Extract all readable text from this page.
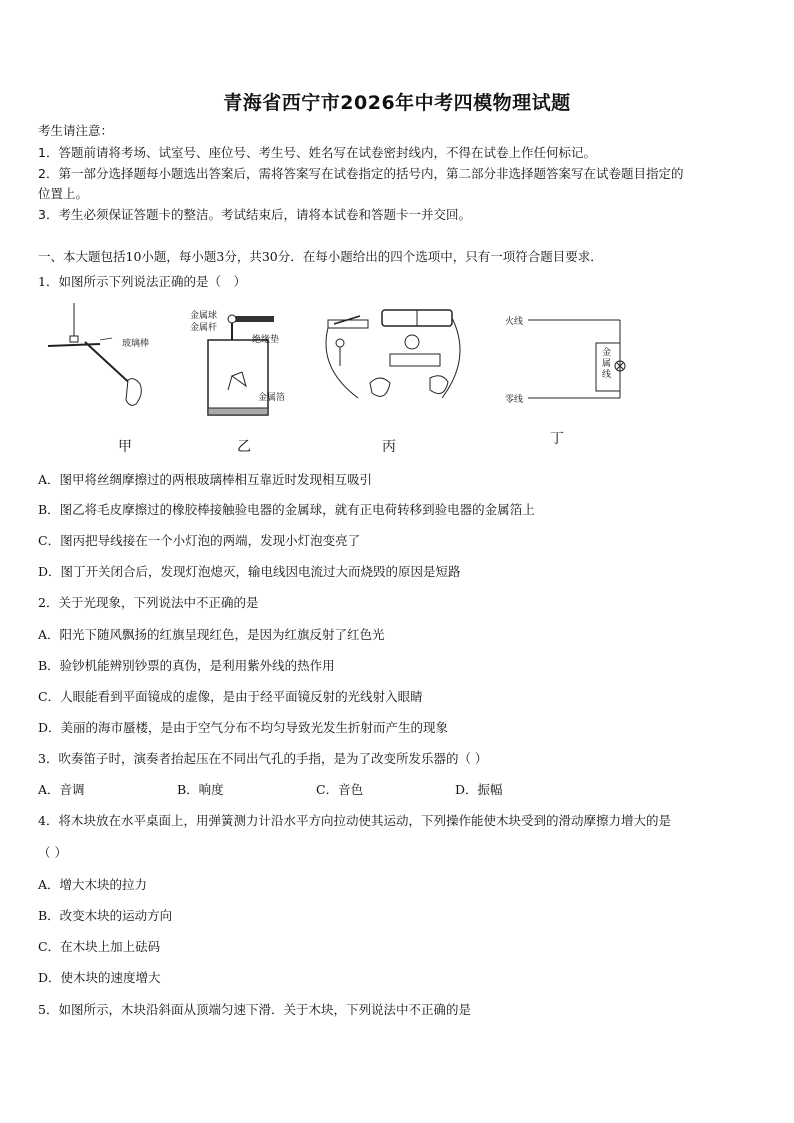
青海省西宁市2026年中考四模物理试题
考生请注意：
1．答题前请将考场、试室号、座位号、考生号、姓名写在试卷密封线内，不得在试卷上作任何标记。
2．第一部分选择题每小题选出答案后，需将答案写在试卷指定的括号内，第二部分非选择题答案写在试卷题目指定的
位置上。
3．考生必须保证答题卡的整洁。考试结束后，请将本试卷和答题卡一并交回。
一、本大题包括10小题，每小题3分，共30分．在每小题给出的四个选项中，只有一项符合题目要求．
1．如图所示下列说法正确的是（　）
玻璃棒
金属球
金属杆
绝缘垫
金属箔
火线
零线
金属线
甲	乙	丙	丁
A．图甲将丝绸摩擦过的两根玻璃棒相互靠近时发现相互吸引
B．图乙将毛皮摩擦过的橡胶棒接触验电器的金属球，就有正电荷转移到验电器的金属箔上
C．图丙把导线接在一个小灯泡的两端，发现小灯泡变亮了
D．图丁开关闭合后，发现灯泡熄灭，输电线因电流过大而烧毁的原因是短路
2．关于光现象，下列说法中不正确的是
A．阳光下随风飘扬的红旗呈现红色，是因为红旗反射了红色光
B．验钞机能辨别钞票的真伪，是利用紫外线的热作用
C．人眼能看到平面镜成的虚像，是由于经平面镜反射的光线射入眼睛
D．美丽的海市蜃楼，是由于空气分布不均匀导致光发生折射而产生的现象
3．吹奏笛子时，演奏者抬起压在不同出气孔的手指，是为了改变所发乐器的（ ）
A．音调	B．响度	C．音色	D．振幅
4．将木块放在水平桌面上，用弹簧测力计沿水平方向拉动使其运动，下列操作能使木块受到的滑动摩擦力增大的是
（ ）
A．增大木块的拉力
B．改变木块的运动方向
C．在木块上加上砝码
D．使木块的速度增大
5．如图所示，木块沿斜面从顶端匀速下滑．关于木块，下列说法中不正确的是
